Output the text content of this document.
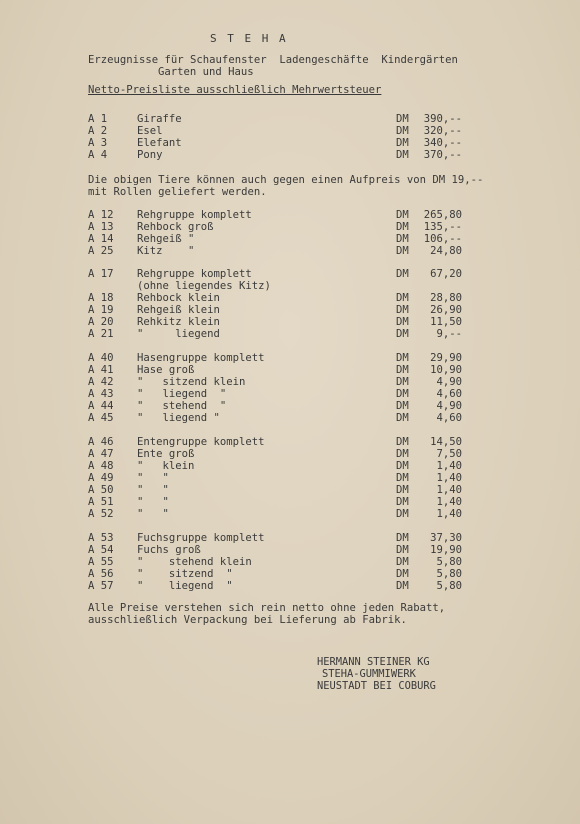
S T E H A
Erzeugnisse für Schaufenster  Ladengeschäfte  Kindergärten
Garten und Haus
Netto-Preisliste ausschließlich Mehrwertsteuer
A 1	Giraffe	DM 390,--
A 2	Esel	DM 320,--
A 3	Elefant	DM 340,--
A 4	Pony	DM 370,--
A 12 Rehgruppe komplett	DM 265,80
A 13 Rehbock groß	DM 135,--
A 14 Rehgeiß "	DM 106,--
A 25 Kitz    "	DM 24,80
A 17 Rehgruppe komplett	DM 67,20
(ohne liegendes Kitz)
A 18 Rehbock klein	DM 28,80
A 19 Rehgeiß klein	DM 26,90
A 20 Rehkitz klein	DM 11,50
A 21 "     liegend	DM	9,--
A 40 Hasengruppe komplett	DM 29,90
A 41 Hase groß	DM 10,90
A 42 "   sitzend klein	DM	4,90
A 43 "   liegend  "	DM	4,60
A 44 "   stehend  "	DM	4,90
A 45 "   liegend "	DM	4,60
A 46 Entengruppe komplett	DM 14,50
A 47 Ente groß	DM	7,50
A 48 "   klein	DM	1,40
A 49 "   "	DM	1,40
A 50 "   "	DM	1,40
A 51 "   "	DM	1,40
A 52 "   "	DM	1,40
A 53 Fuchsgruppe komplett	DM 37,30
A 54 Fuchs groß	DM 19,90
A 55 "    stehend klein	DM	5,80
A 56 "    sitzend  "	DM	5,80
A 57 "    liegend  "	DM	5,80
Die obigen Tiere können auch gegen einen Aufpreis von DM 19,--
mit Rollen geliefert werden.
Alle Preise verstehen sich rein netto ohne jeden Rabatt,
ausschließlich Verpackung bei Lieferung ab Fabrik.
HERMANN STEINER KG
STEHA-GUMMIWERK
NEUSTADT BEI COBURG
